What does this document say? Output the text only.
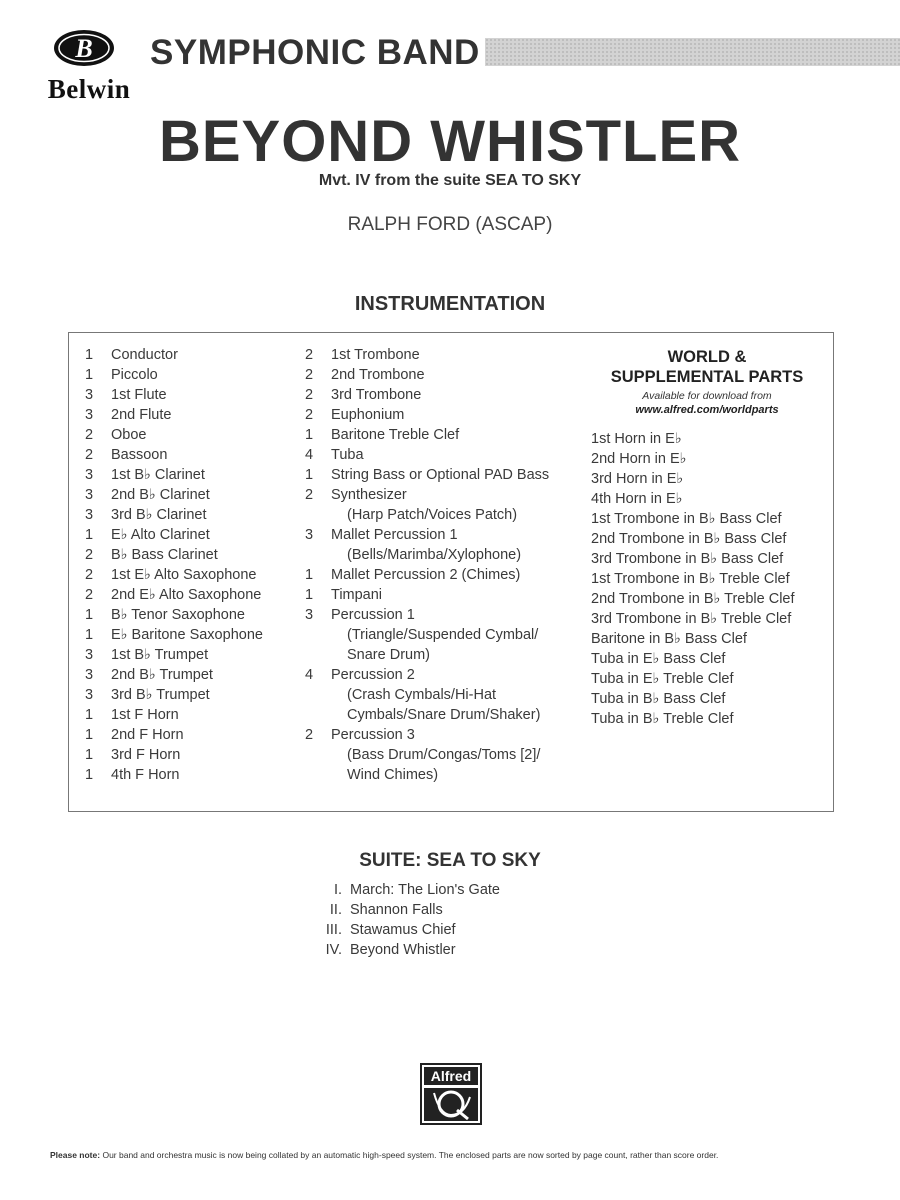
B
Belwin
SYMPHONIC BAND
BEYOND WHISTLER
Mvt. IV from the suite SEA TO SKY
RALPH FORD (ASCAP)
INSTRUMENTATION
1	Conductor
1	Piccolo
3	1st Flute
3	2nd Flute
2	Oboe
2	Bassoon
3	1st B♭ Clarinet
3	2nd B♭ Clarinet
3	3rd B♭ Clarinet
1	E♭ Alto Clarinet
2	B♭ Bass Clarinet
2	1st E♭ Alto Saxophone
2	2nd E♭ Alto Saxophone
1	B♭ Tenor Saxophone
1	E♭ Baritone Saxophone
3	1st B♭ Trumpet
3	2nd B♭ Trumpet
3	3rd B♭ Trumpet
1	1st F Horn
1	2nd F Horn
1	3rd F Horn
1	4th F Horn
2	1st Trombone
2	2nd Trombone
2	3rd Trombone
2	Euphonium
1	Baritone Treble Clef
4	Tuba
1	String Bass or Optional PAD Bass
2	Synthesizer
(Harp Patch/Voices Patch)
3	Mallet Percussion 1
(Bells/Marimba/Xylophone)
1	Mallet Percussion 2 (Chimes)
1	Timpani
3	Percussion 1
(Triangle/Suspended Cymbal/
Snare Drum)
4	Percussion 2
(Crash Cymbals/Hi-Hat
Cymbals/Snare Drum/Shaker)
2	Percussion 3
(Bass Drum/Congas/Toms [2]/
Wind Chimes)
WORLD &
SUPPLEMENTAL PARTS
Available for download from
www.alfred.com/worldparts
1st Horn in E♭
2nd Horn in E♭
3rd Horn in E♭
4th Horn in E♭
1st Trombone in B♭ Bass Clef
2nd Trombone in B♭ Bass Clef
3rd Trombone in B♭ Bass Clef
1st Trombone in B♭ Treble Clef
2nd Trombone in B♭ Treble Clef
3rd Trombone in B♭ Treble Clef
Baritone in B♭ Bass Clef
Tuba in E♭ Bass Clef
Tuba in E♭ Treble Clef
Tuba in B♭ Bass Clef
Tuba in B♭ Treble Clef
SUITE: SEA TO SKY
I. March: The Lion's Gate
II. Shannon Falls
III. Stawamus Chief
IV. Beyond Whistler
Alfred
Please note: Our band and orchestra music is now being collated by an automatic high-speed system. The enclosed parts are now sorted by page count, rather than score order.
